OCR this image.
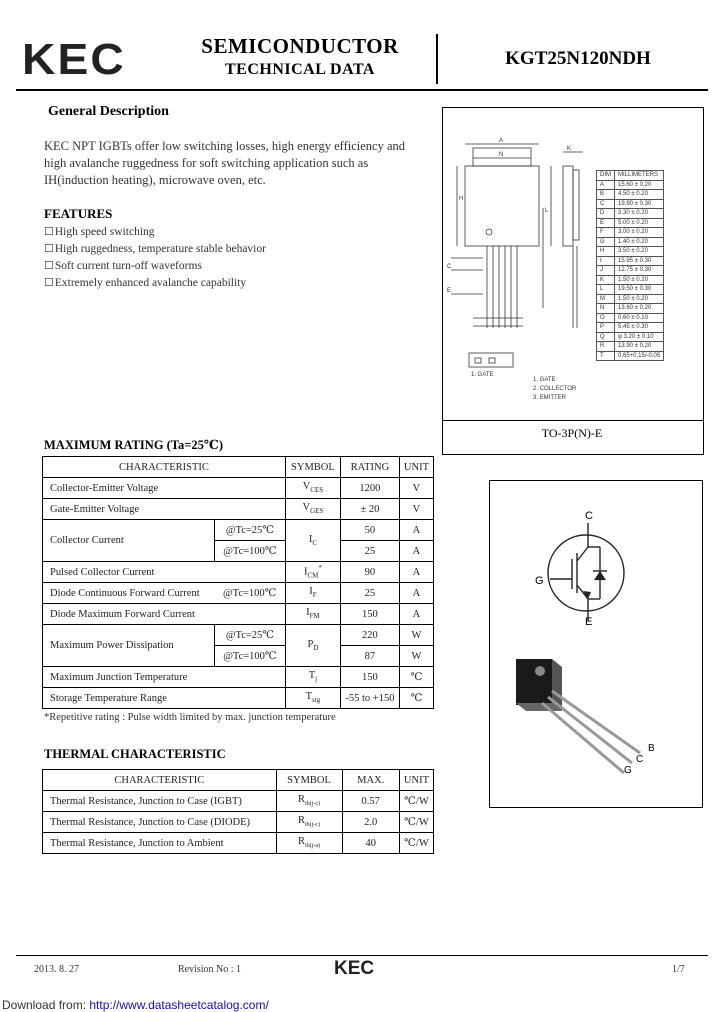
KEC	SEMICONDUCTOR
TECHNICAL DATA
KGT25N120NDH
General Description
KEC NPT IGBTs offer low switching losses, high energy efficiency and high avalanche ruggedness for soft switching application such as IH(induction heating), microwave oven, etc.
FEATURES
☐ High speed switching
☐ High ruggedness, temperature stable behavior
☐ Soft current turn-off waveforms
☐ Extremely enhanced avalanche capability
TO-3P(N)-E
A
N
H
C
E
K
L
1. GATE
DIM	MILLIMETERS
A	15.60 ± 0.20
B	4.50 ± 0.20
C	19.90 ± 0.30
D	3.30 ± 0.20
E	5.00 ± 0.20
F	3.00 ± 0.20
G	1.40 ± 0.20
H	3.50 ± 0.20
I	15.95 ± 0.30
J	12.75 ± 0.30
K	1.50 ± 0.20
L	19.50 ± 0.30
M	1.50 ± 0.20
N	13.60 ± 0.20
O	0.60 ± 0.10
P	5.45 ± 0.30
Q	φ 3.20 ± 0.10
R	13.90 ± 0.20
T	0.65+0.15/-0.05
1. GATE
2. COLLECTOR
3. EMITTER
MAXIMUM RATING (Ta=25℃)
CHARACTERISTIC		SYMBOL	RATING	UNIT
Collector-Emitter Voltage		$V_{CES}$	1200	V
Gate-Emitter Voltage		$V_{GES}$	± 20	V
Collector Current	@Tc=25℃	$I_C$	50	A
	@Tc=100℃		25	A
Pulsed Collector Current		$I_{CM}^*$	90	A
Diode Continuous Forward Current	@Tc=100℃	$I_F$	25	A
Diode Maximum Forward Current		$I_{FM}$	150	A
Maximum Power Dissipation	@Tc=25℃	$P_D$	220	W
	@Tc=100℃		87	W
Maximum Junction Temperature		$T_j$	150	℃
Storage Temperature Range		$T_{stg}$	-55 to +150	℃
*Repetitive rating : Pulse width limited by max. junction temperature
C
G
E
B
C
G
THERMAL CHARACTERISTIC
CHARACTERISTIC	SYMBOL	MAX.	UNIT
Thermal Resistance, Junction to Case (IGBT)	$R_{th(j-c)}$	0.57	℃/W
Thermal Resistance, Junction to Case (DIODE)	$R_{th(j-c)}$	2.0	℃/W
Thermal Resistance, Junction to Ambient	$R_{th(j-a)}$	40	℃/W
2013. 8. 27	Revision No : 1	KEC	1/7
Download from: http://www.datasheetcatalog.com/
